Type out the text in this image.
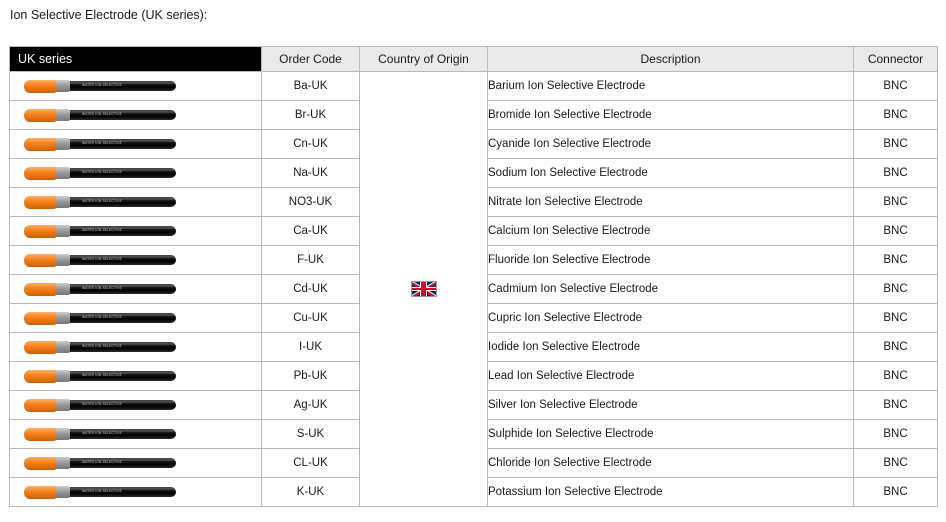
Ion Selective Electrode (UK series):
UK series	Order Code	Country of Origin	Description	Connector

WATER ION SELECTIVE	Ba-UK		Barium Ion Selective Electrode	BNC

WATER ION SELECTIVE	Br-UK		Bromide Ion Selective Electrode	BNC

WATER ION SELECTIVE	Cn-UK		Cyanide Ion Selective Electrode	BNC

WATER ION SELECTIVE	Na-UK		Sodium Ion Selective Electrode	BNC

WATER ION SELECTIVE	NO3-UK		Nitrate Ion Selective Electrode	BNC

WATER ION SELECTIVE	Ca-UK		Calcium Ion Selective Electrode	BNC

WATER ION SELECTIVE	F-UK		Fluoride Ion Selective Electrode	BNC

WATER ION SELECTIVE	Cd-UK		Cadmium Ion Selective Electrode	BNC

WATER ION SELECTIVE	Cu-UK		Cupric Ion Selective Electrode	BNC

WATER ION SELECTIVE	I-UK		Iodide Ion Selective Electrode	BNC

WATER ION SELECTIVE	Pb-UK		Lead Ion Selective Electrode	BNC

WATER ION SELECTIVE	Ag-UK		Silver Ion Selective Electrode	BNC

WATER ION SELECTIVE	S-UK		Sulphide Ion Selective Electrode	BNC

WATER ION SELECTIVE	CL-UK		Chloride Ion Selective Electrode	BNC

WATER ION SELECTIVE	K-UK		Potassium Ion Selective Electrode	BNC
